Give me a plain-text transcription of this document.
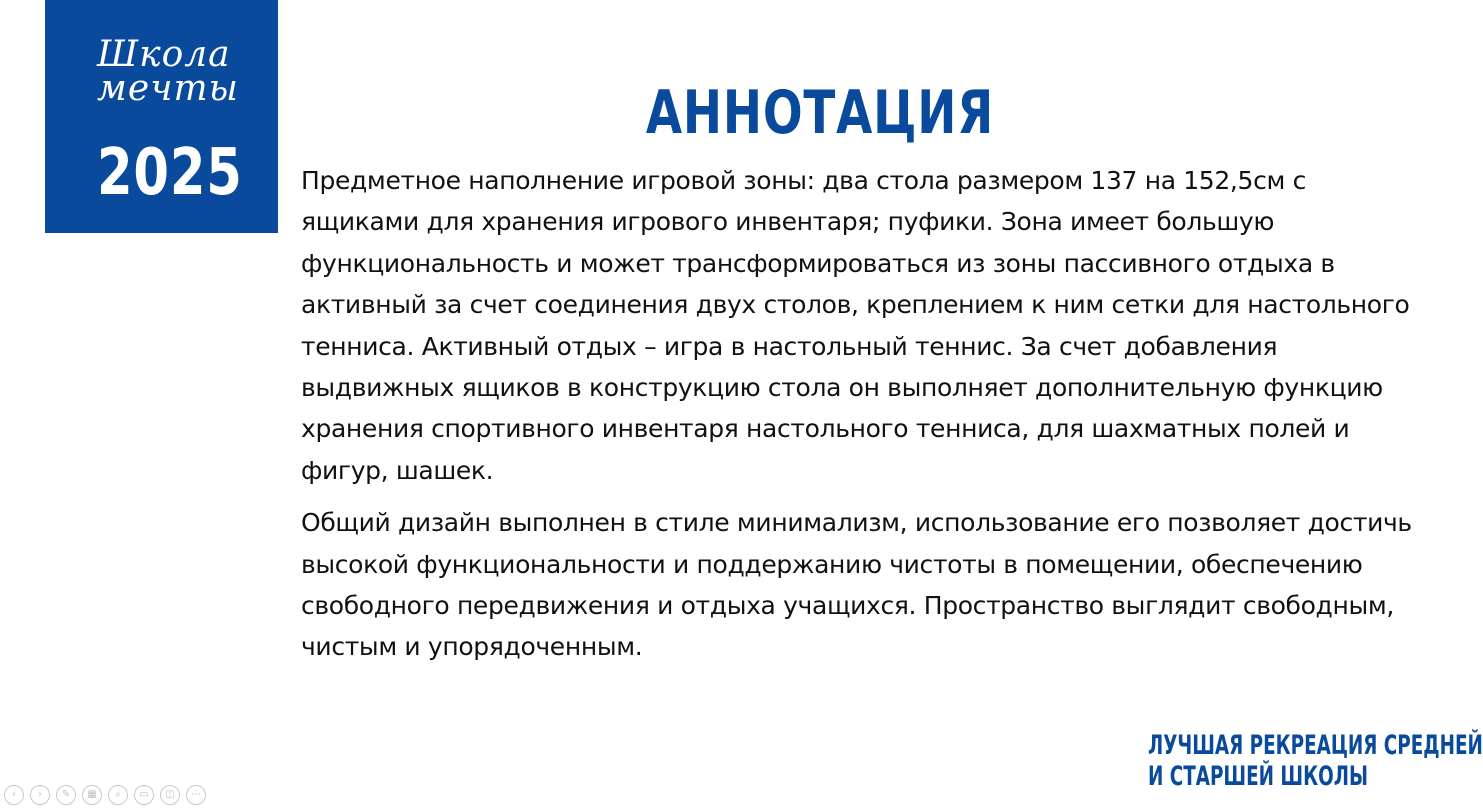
Школа
мечты
2025
АННОТАЦИЯ

Предметное наполнение игровой зоны: два стола размером 137 на 152,5см с ящиками для хранения игрового инвентаря; пуфики. Зона имеет большую функциональность и может трансформироваться из зоны пассивного отдыха в активный за счет соединения двух столов, креплением к ним сетки для настольного тенниса. Активный отдых – игра в настольный теннис. За счет добавления выдвижных ящиков в конструкцию стола он выполняет дополнительную функцию хранения спортивного инвентаря настольного тенниса, для шахматных полей и фигур, шашек.

Общий дизайн выполнен в стиле минимализм, использование его позволяет достичь высокой функциональности и поддержанию чистоты в помещении, обеспечению свободного передвижения и отдыха учащихся. Пространство выглядит свободным, чистым и упорядоченным.

ЛУЧШАЯ РЕКРЕАЦИЯ СРЕДНЕЙ
И СТАРШЕЙ ШКОЛЫ
‹	›	✎	▦	⌕	▭	◫	⋯
